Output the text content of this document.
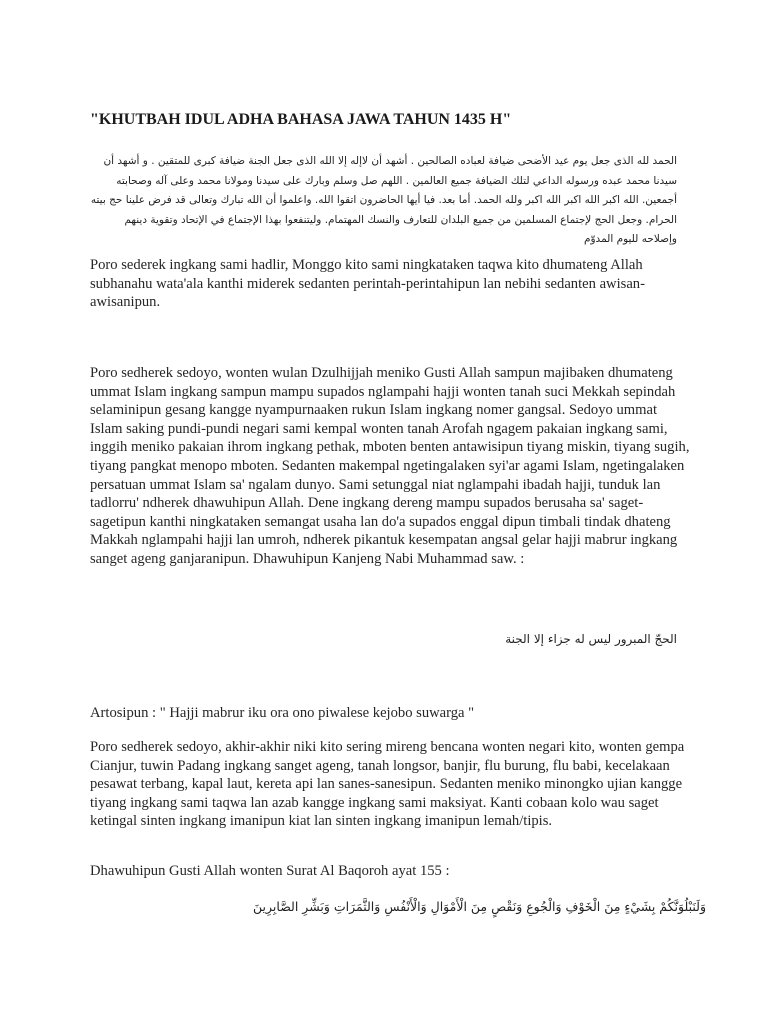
"KHUTBAH IDUL ADHA BAHASA JAWA TAHUN 1435 H"

الحمد لله الذى جعل يوم عيد الأضحى ضيافة لعباده الصالحين . أشهد أن لاإله إلا الله الذى جعل الجنة ضيافة كبرى للمتقين . و أشهد أن سيدنا محمد عبده ورسوله الداعي لتلك الضيافة جميع العالمين . اللهم صل وسلم وبارك على سيدنا ومولانا محمد وعلى آله وصحابته أجمعين. الله اكبر الله اكبر الله اكبر ولله الحمد. أما بعد. فيا أيها الحاضرون اتقوا الله. واعلموا أن الله تبارك وتعالى قد فرض علينا حج بيته الحرام. وجعل الحج لإجتماع المسلمين من جميع البلدان للتعارف والنسك المهتمام. وليتنفعوا بهذا الإجتماع في الإتحاد وتقوية دينهم وإصلاحه لليوم المدوّم

Poro sederek ingkang sami hadlir, Monggo kito sami ningkataken taqwa kito dhumateng Allah subhanahu wata'ala kanthi miderek sedanten perintah-perintahipun lan nebihi sedanten awisan-awisanipun.

Poro sedherek sedoyo, wonten wulan Dzulhijjah meniko Gusti Allah sampun majibaken dhumateng ummat Islam ingkang sampun mampu supados nglampahi hajji wonten tanah suci Mekkah sepindah selaminipun gesang kangge nyampurnaaken rukun Islam ingkang nomer gangsal. Sedoyo ummat Islam saking pundi-pundi negari sami kempal wonten tanah Arofah ngagem pakaian ingkang sami, inggih meniko pakaian ihrom ingkang pethak, mboten benten antawisipun tiyang miskin, tiyang sugih, tiyang pangkat menopo mboten. Sedanten makempal ngetingalaken syi'ar agami Islam, ngetingalaken persatuan ummat Islam sa' ngalam dunyo. Sami setunggal niat nglampahi ibadah hajji, tunduk lan tadlorru' ndherek dhawuhipun Allah. Dene ingkang dereng mampu supados berusaha sa' saget-sagetipun kanthi ningkataken semangat usaha lan do'a supados enggal dipun timbali tindak dhateng Makkah nglampahi hajji lan umroh, ndherek pikantuk kesempatan angsal gelar hajji mabrur ingkang sanget ageng ganjaranipun. Dhawuhipun Kanjeng Nabi Muhammad saw. :

الحجّ المبرور ليس له جزاء إلا الجنة

Artosipun : " Hajji mabrur iku ora ono piwalese kejobo suwarga "

Poro sedherek sedoyo, akhir-akhir niki kito sering mireng bencana wonten negari kito, wonten gempa Cianjur, tuwin Padang ingkang sanget ageng, tanah longsor, banjir, flu burung, flu babi, kecelakaan pesawat terbang, kapal laut, kereta api lan sanes-sanesipun. Sedanten meniko minongko ujian kangge tiyang ingkang sami taqwa lan azab kangge ingkang sami maksiyat. Kanti cobaan kolo wau saget ketingal sinten ingkang imanipun kiat lan sinten ingkang imanipun lemah/tipis.

Dhawuhipun Gusti Allah wonten Surat Al Baqoroh ayat 155 :

وَلَنَبْلُوَنَّكُمْ بِشَيْءٍ مِنَ الْخَوْفِ وَالْجُوعِ وَنَقْصٍ مِنَ الْأَمْوَالِ وَالْأَنْفُسِ وَالثَّمَرَاتِ وَبَشِّرِ الصَّابِرِينَ
